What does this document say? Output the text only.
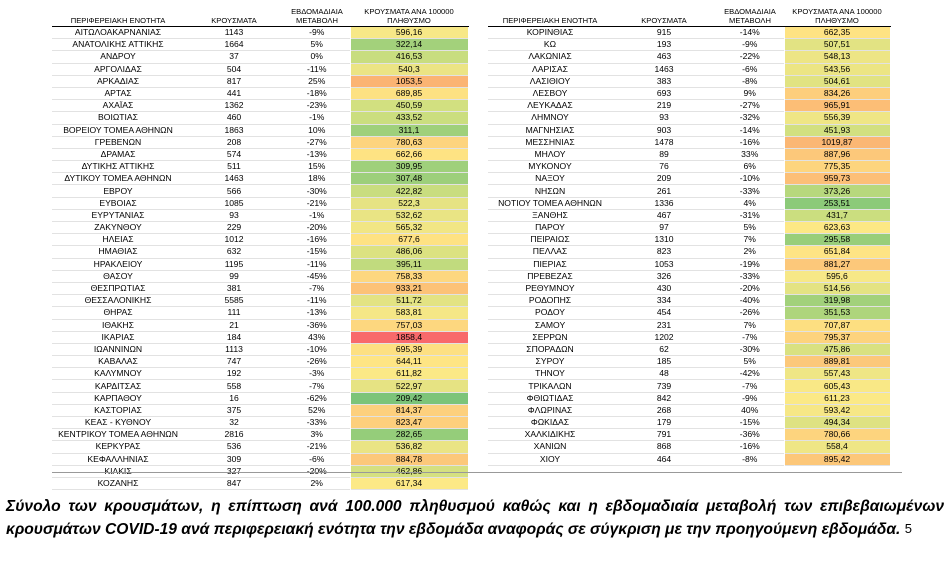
ΠΕΡΙΦΕΡΕΙΑΚΗ ΕΝΟΤΗΤΑ	ΚΡΟΥΣΜΑΤΑ	ΕΒΔΟΜΑΔΙΑΙΑ
ΜΕΤΑΒΟΛΗ	ΚΡΟΥΣΜΑΤΑ ΑΝΑ 100000
ΠΛΗΘΥΣΜΟ
ΑΙΤΩΛΟΑΚΑΡΝΑΝΙΑΣ	1143	-9%	596,16
ΑΝΑΤΟΛΙΚΗΣ ΑΤΤΙΚΗΣ	1664	5%	322,14
ΑΝΔΡΟΥ	37	0%	416,53
ΑΡΓΟΛΙΔΑΣ	504	-11%	540,3
ΑΡΚΑΔΙΑΣ	817	25%	1053,5
ΑΡΤΑΣ	441	-18%	689,85
ΑΧΑΪΑΣ	1362	-23%	450,59
ΒΟΙΩΤΙΑΣ	460	-1%	433,52
ΒΟΡΕΙΟΥ ΤΟΜΕΑ ΑΘΗΝΩΝ	1863	10%	311,1
ΓΡΕΒΕΝΩΝ	208	-27%	780,63
ΔΡΑΜΑΣ	574	-13%	662,66
ΔΥΤΙΚΗΣ ΑΤΤΙΚΗΣ	511	15%	309,95
ΔΥΤΙΚΟΥ ΤΟΜΕΑ ΑΘΗΝΩΝ	1463	18%	307,48
ΕΒΡΟΥ	566	-30%	422,82
ΕΥΒΟΙΑΣ	1085	-21%	522,3
ΕΥΡΥΤΑΝΙΑΣ	93	-1%	532,62
ΖΑΚΥΝΘΟΥ	229	-20%	565,32
ΗΛΕΙΑΣ	1012	-16%	677,6
ΗΜΑΘΙΑΣ	632	-15%	486,06
ΗΡΑΚΛΕΙΟΥ	1195	-11%	395,11
ΘΑΣΟΥ	99	-45%	758,33
ΘΕΣΠΡΩΤΙΑΣ	381	-7%	933,21
ΘΕΣΣΑΛΟΝΙΚΗΣ	5585	-11%	511,72
ΘΗΡΑΣ	111	-13%	583,81
ΙΘΑΚΗΣ	21	-36%	757,03
ΙΚΑΡΙΑΣ	184	43%	1858,4
ΙΩΑΝΝΙΝΩΝ	1113	-10%	695,39
ΚΑΒΑΛΑΣ	747	-26%	644,11
ΚΑΛΥΜΝΟΥ	192	-3%	611,82
ΚΑΡΔΙΤΣΑΣ	558	-7%	522,97
ΚΑΡΠΑΘΟΥ	16	-62%	209,42
ΚΑΣΤΟΡΙΑΣ	375	52%	814,37
ΚΕΑΣ - ΚΥΘΝΟΥ	32	-33%	823,47
ΚΕΝΤΡΙΚΟΥ ΤΟΜΕΑ ΑΘΗΝΩΝ	2816	3%	282,65
ΚΕΡΚΥΡΑΣ	536	-21%	536,82
ΚΕΦΑΛΛΗΝΙΑΣ	309	-6%	884,78
ΚΙΛΚΙΣ	327	-20%	462,86
ΚΟΖΑΝΗΣ	847	2%	617,34
ΠΕΡΙΦΕΡΕΙΑΚΗ ΕΝΟΤΗΤΑ	ΚΡΟΥΣΜΑΤΑ	ΕΒΔΟΜΑΔΙΑΙΑ
ΜΕΤΑΒΟΛΗ	ΚΡΟΥΣΜΑΤΑ ΑΝΑ 100000
ΠΛΗΘΥΣΜΟ
ΚΟΡΙΝΘΙΑΣ	915	-14%	662,35
ΚΩ	193	-9%	507,51
ΛΑΚΩΝΙΑΣ	463	-22%	548,13
ΛΑΡΙΣΑΣ	1463	-6%	543,56
ΛΑΣΙΘΙΟΥ	383	-8%	504,61
ΛΕΣΒΟΥ	693	9%	834,26
ΛΕΥΚΑΔΑΣ	219	-27%	965,91
ΛΗΜΝΟΥ	93	-32%	556,39
ΜΑΓΝΗΣΙΑΣ	903	-14%	451,93
ΜΕΣΣΗΝΙΑΣ	1478	-16%	1019,87
ΜΗΛΟΥ	89	33%	887,96
ΜΥΚΟΝΟΥ	76	6%	775,35
ΝΑΞΟΥ	209	-10%	959,73
ΝΗΣΩΝ	261	-33%	373,26
ΝΟΤΙΟΥ ΤΟΜΕΑ ΑΘΗΝΩΝ	1336	4%	253,51
ΞΑΝΘΗΣ	467	-31%	431,7
ΠΑΡΟΥ	97	5%	623,63
ΠΕΙΡΑΙΩΣ	1310	7%	295,58
ΠΕΛΛΑΣ	823	2%	651,84
ΠΙΕΡΙΑΣ	1053	-19%	881,27
ΠΡΕΒΕΖΑΣ	326	-33%	595,6
ΡΕΘΥΜΝΟΥ	430	-20%	514,56
ΡΟΔΟΠΗΣ	334	-40%	319,98
ΡΟΔΟΥ	454	-26%	351,53
ΣΑΜΟΥ	231	7%	707,87
ΣΕΡΡΩΝ	1202	-7%	795,37
ΣΠΟΡΑΔΩΝ	62	-30%	475,86
ΣΥΡΟΥ	185	5%	889,81
ΤΗΝΟΥ	48	-42%	557,43
ΤΡΙΚΑΛΩΝ	739	-7%	605,43
ΦΘΙΩΤΙΔΑΣ	842	-9%	611,23
ΦΛΩΡΙΝΑΣ	268	40%	593,42
ΦΩΚΙΔΑΣ	179	-15%	494,34
ΧΑΛΚΙΔΙΚΗΣ	791	-36%	780,66
ΧΑΝΙΩΝ	868	-16%	558,4
ΧΙΟΥ	464	-8%	895,42
Σύνολο των κρουσμάτων, η επίπτωση ανά 100.000 πληθυσμού καθώς και η εβδομαδιαία μεταβολή των επιβεβαιωμένων κρουσμάτων COVID-19 ανά περιφερειακή ενότητα την εβδομάδα αναφοράς σε σύγκριση με την προηγούμενη εβδομάδα. 5
